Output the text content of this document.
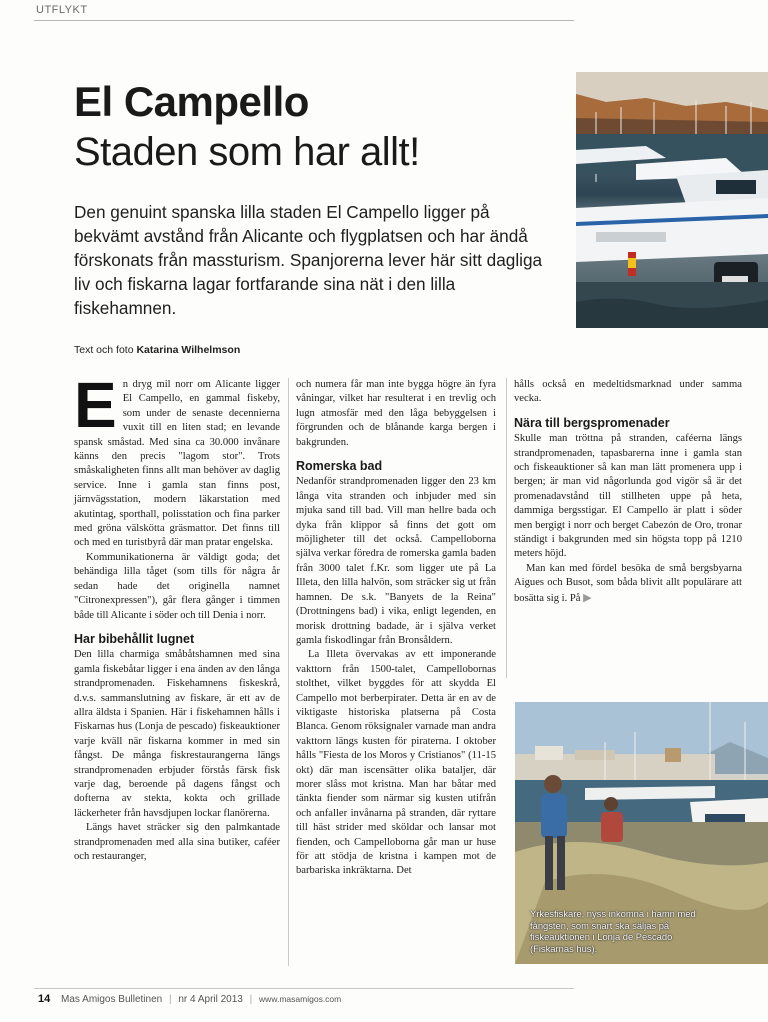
UTFLYKT
El Campello
Staden som har allt!

Den genuint spanska lilla staden El Campello ligger på bekvämt avstånd från Alicante och flygplatsen och har ändå förskonats från massturism. Spanjorerna lever här sitt dagliga liv och fiskarna lagar fortfarande sina nät i den lilla fiskehamnen.

Text och foto Katarina Wilhelmson

En dryg mil norr om Alicante ligger El Campello, en gammal fiskeby, som under de senaste decennierna vuxit till en liten stad; en levande spansk småstad. Med sina ca 30.000 invånare känns den precis "lagom stor". Trots småskaligheten finns allt man behöver av daglig service. Inne i gamla stan finns post, järnvägsstation, modern läkarstation med akutintag, sporthall, polisstation och fina parker med gröna välskötta gräsmattor. Det finns till och med en turistbyrå där man pratar engelska.

Kommunikationerna är väldigt goda; det behändiga lilla tåget (som tills för några år sedan hade det originella namnet "Citronexpressen"), går flera gånger i timmen både till Alicante i söder och till Denia i norr.

Har bibehållit lugnet

Den lilla charmiga småbåtshamnen med sina gamla fiskebåtar ligger i ena änden av den långa strandpromenaden. Fiskehamnens fiskeskrå, d.v.s. sammanslutning av fiskare, är ett av de allra äldsta i Spanien. Här i fiskehamnen hålls i Fiskarnas hus (Lonja de pescado) fiskeauktioner varje kväll när fiskarna kommer in med sin fångst. De många fiskrestaurangerna längs strandpromenaden erbjuder förstås färsk fisk varje dag, beroende på dagens fångst och dofterna av stekta, kokta och grillade läckerheter från havsdjupen lockar flanörerna.

Längs havet sträcker sig den palmkantade strandpromenaden med alla sina butiker, caféer och restauranger,

och numera får man inte bygga högre än fyra våningar, vilket har resulterat i en trevlig och lugn atmosfär med den låga bebyggelsen i förgrunden och de blånande karga bergen i bakgrunden.

Romerska bad

Nedanför strandpromenaden ligger den 23 km långa vita stranden och inbjuder med sin mjuka sand till bad. Vill man hellre bada och dyka från klippor så finns det gott om möjligheter till det också. Campelloborna själva verkar föredra de romerska gamla baden från 3000 talet f.Kr. som ligger ute på La Illeta, den lilla halvön, som sträcker sig ut från hamnen. De s.k. "Banyets de la Reina" (Drottningens bad) i vika, enligt legenden, en morisk drottning badade, är i själva verket gamla fiskodlingar från Bronsåldern.

La Illeta övervakas av ett imponerande vakttorn från 1500-talet, Campellobornas stolthet, vilket byggdes för att skydda El Campello mot berberpirater. Detta är en av de viktigaste historiska platserna på Costa Blanca. Genom röksignaler varnade man andra vakttorn längs kusten för piraterna. I oktober hålls "Fiesta de los Moros y Cristianos" (11-15 okt) där man iscensätter olika bataljer, där morer slåss mot kristna. Man har båtar med tänkta fiender som närmar sig kusten utifrån och anfaller invånarna på stranden, där ryttare till häst strider med sköldar och lansar mot fienden, och Campelloborna går man ur huse för att stödja de kristna i kampen mot de barbariska inkräktarna. Det

hålls också en medeltidsmarknad under samma vecka.

Nära till bergspromenader

Skulle man tröttna på stranden, caféerna längs strandpromenaden, tapasbarerna inne i gamla stan och fiskeauktioner så kan man lätt promenera upp i bergen; är man vid någorlunda god vigör så är det promenadavstånd till stillheten uppe på heta, dammiga bergsstigar. El Campello är platt i söder men bergigt i norr och berget Cabezón de Oro, tronar ständigt i bakgrunden med sin högsta topp på 1210 meters höjd.

Man kan med fördel besöka de små bergsbyarna Aigues och Busot, som båda blivit allt populärare att bosätta sig i. På ▶

Yrkesfiskare, nyss inkomna i hamn med fångsten, som snart ska säljas på fiskeauktionen i Lonja de Pescado (Fiskarnas hus).
14 Mas Amigos Bulletinen | nr 4 April 2013 | www.masamigos.com
